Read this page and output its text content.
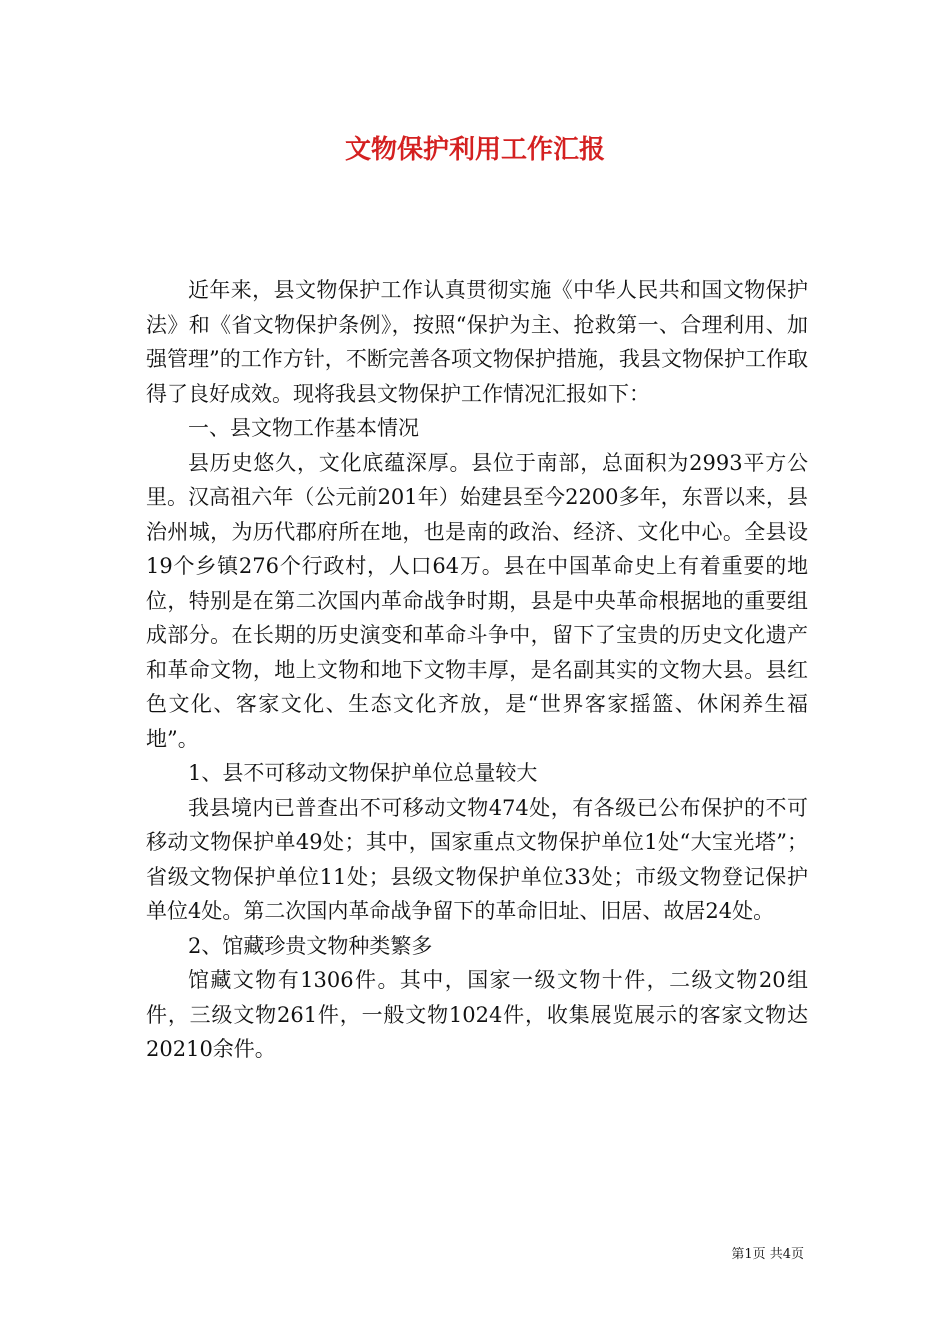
文物保护利用工作汇报

近年来，县文物保护工作认真贯彻实施《中华人民共和国文物保护法》和《省文物保护条例》，按照“保护为主、抢救第一、合理利用、加强管理”的工作方针，不断完善各项文物保护措施，我县文物保护工作取得了良好成效。现将我县文物保护工作情况汇报如下：

一、县文物工作基本情况

县历史悠久，文化底蕴深厚。县位于南部，总面积为2993平方公里。汉高祖六年（公元前201年）始建县至今2200多年，东晋以来，县治州城，为历代郡府所在地，也是南的政治、经济、文化中心。全县设19个乡镇276个行政村，人口64万。县在中国革命史上有着重要的地位，特别是在第二次国内革命战争时期，县是中央革命根据地的重要组成部分。在长期的历史演变和革命斗争中，留下了宝贵的历史文化遗产和革命文物，地上文物和地下文物丰厚，是名副其实的文物大县。县红色文化、客家文化、生态文化齐放，是“世界客家摇篮、休闲养生福地”。

1、县不可移动文物保护单位总量较大

我县境内已普查出不可移动文物474处，有各级已公布保护的不可移动文物保护单49处；其中，国家重点文物保护单位1处“大宝光塔”；省级文物保护单位11处；县级文物保护单位33处；市级文物登记保护单位4处。第二次国内革命战争留下的革命旧址、旧居、故居24处。

2、馆藏珍贵文物种类繁多

馆藏文物有1306件。其中，国家一级文物十件，二级文物20组件，三级文物261件，一般文物1024件，收集展览展示的客家文物达20210余件。

第1页 共4页
